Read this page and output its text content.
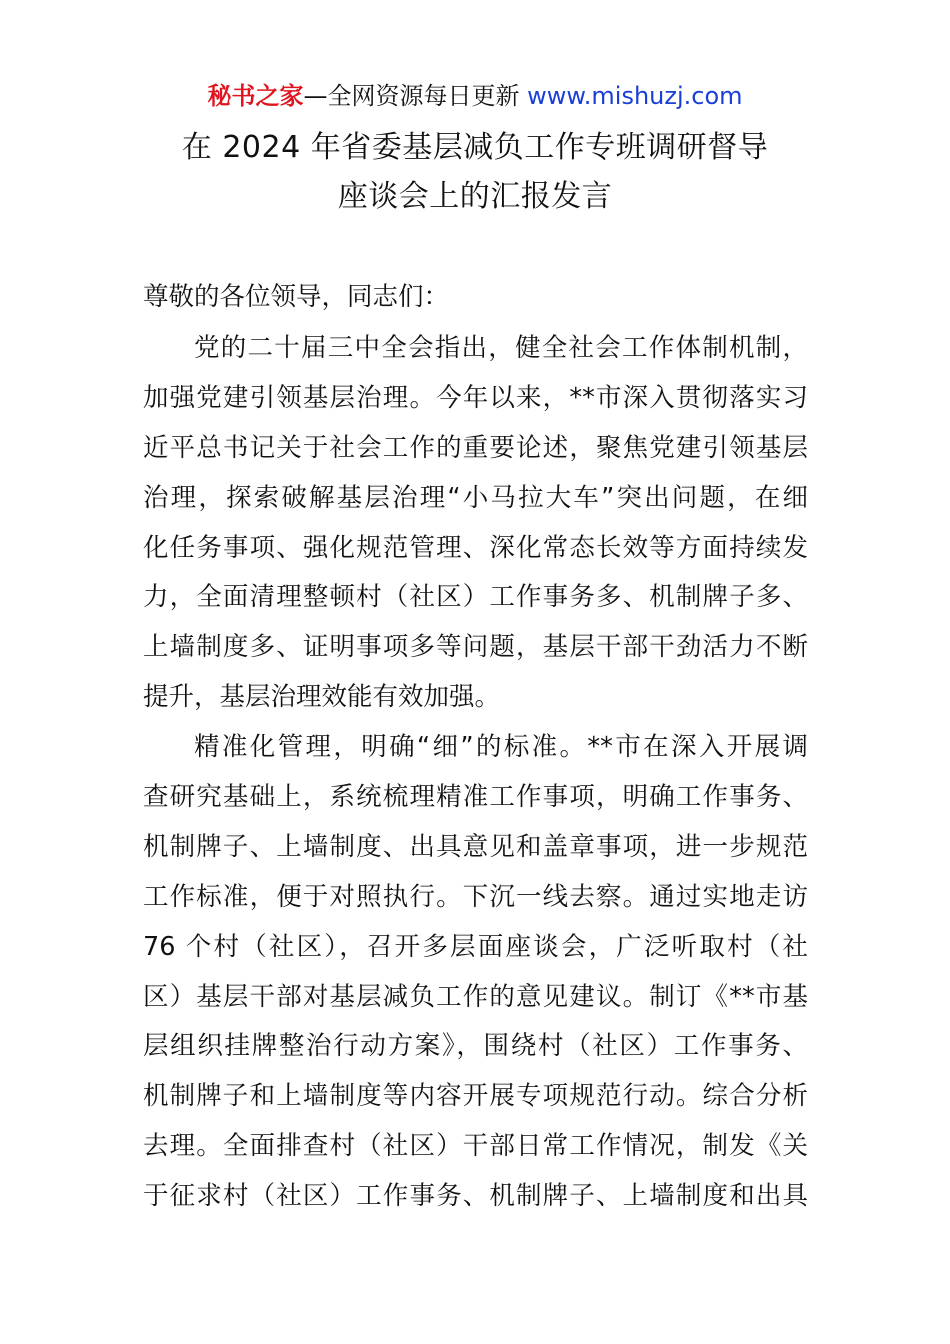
秘书之家—全网资源每日更新 www.mishuzj.com
在 2024 年省委基层减负工作专班调研督导
座谈会上的汇报发言
尊敬的各位领导，同志们：
党的二十届三中全会指出，健全社会工作体制机制，
加强党建引领基层治理。今年以来，**市深入贯彻落实习
近平总书记关于社会工作的重要论述，聚焦党建引领基层
治理，探索破解基层治理“小马拉大车”突出问题，在细
化任务事项、强化规范管理、深化常态长效等方面持续发
力，全面清理整顿村（社区）工作事务多、机制牌子多、
上墙制度多、证明事项多等问题，基层干部干劲活力不断
提升，基层治理效能有效加强。
精准化管理，明确“细”的标准。**市在深入开展调
查研究基础上，系统梳理精准工作事项，明确工作事务、
机制牌子、上墙制度、出具意见和盖章事项，进一步规范
工作标准，便于对照执行。下沉一线去察。通过实地走访
76 个村（社区），召开多层面座谈会，广泛听取村（社
区）基层干部对基层减负工作的意见建议。制订《**市基
层组织挂牌整治行动方案》，围绕村（社区）工作事务、
机制牌子和上墙制度等内容开展专项规范行动。综合分析
去理。全面排查村（社区）干部日常工作情况，制发《关
于征求村（社区）工作事务、机制牌子、上墙制度和出具
